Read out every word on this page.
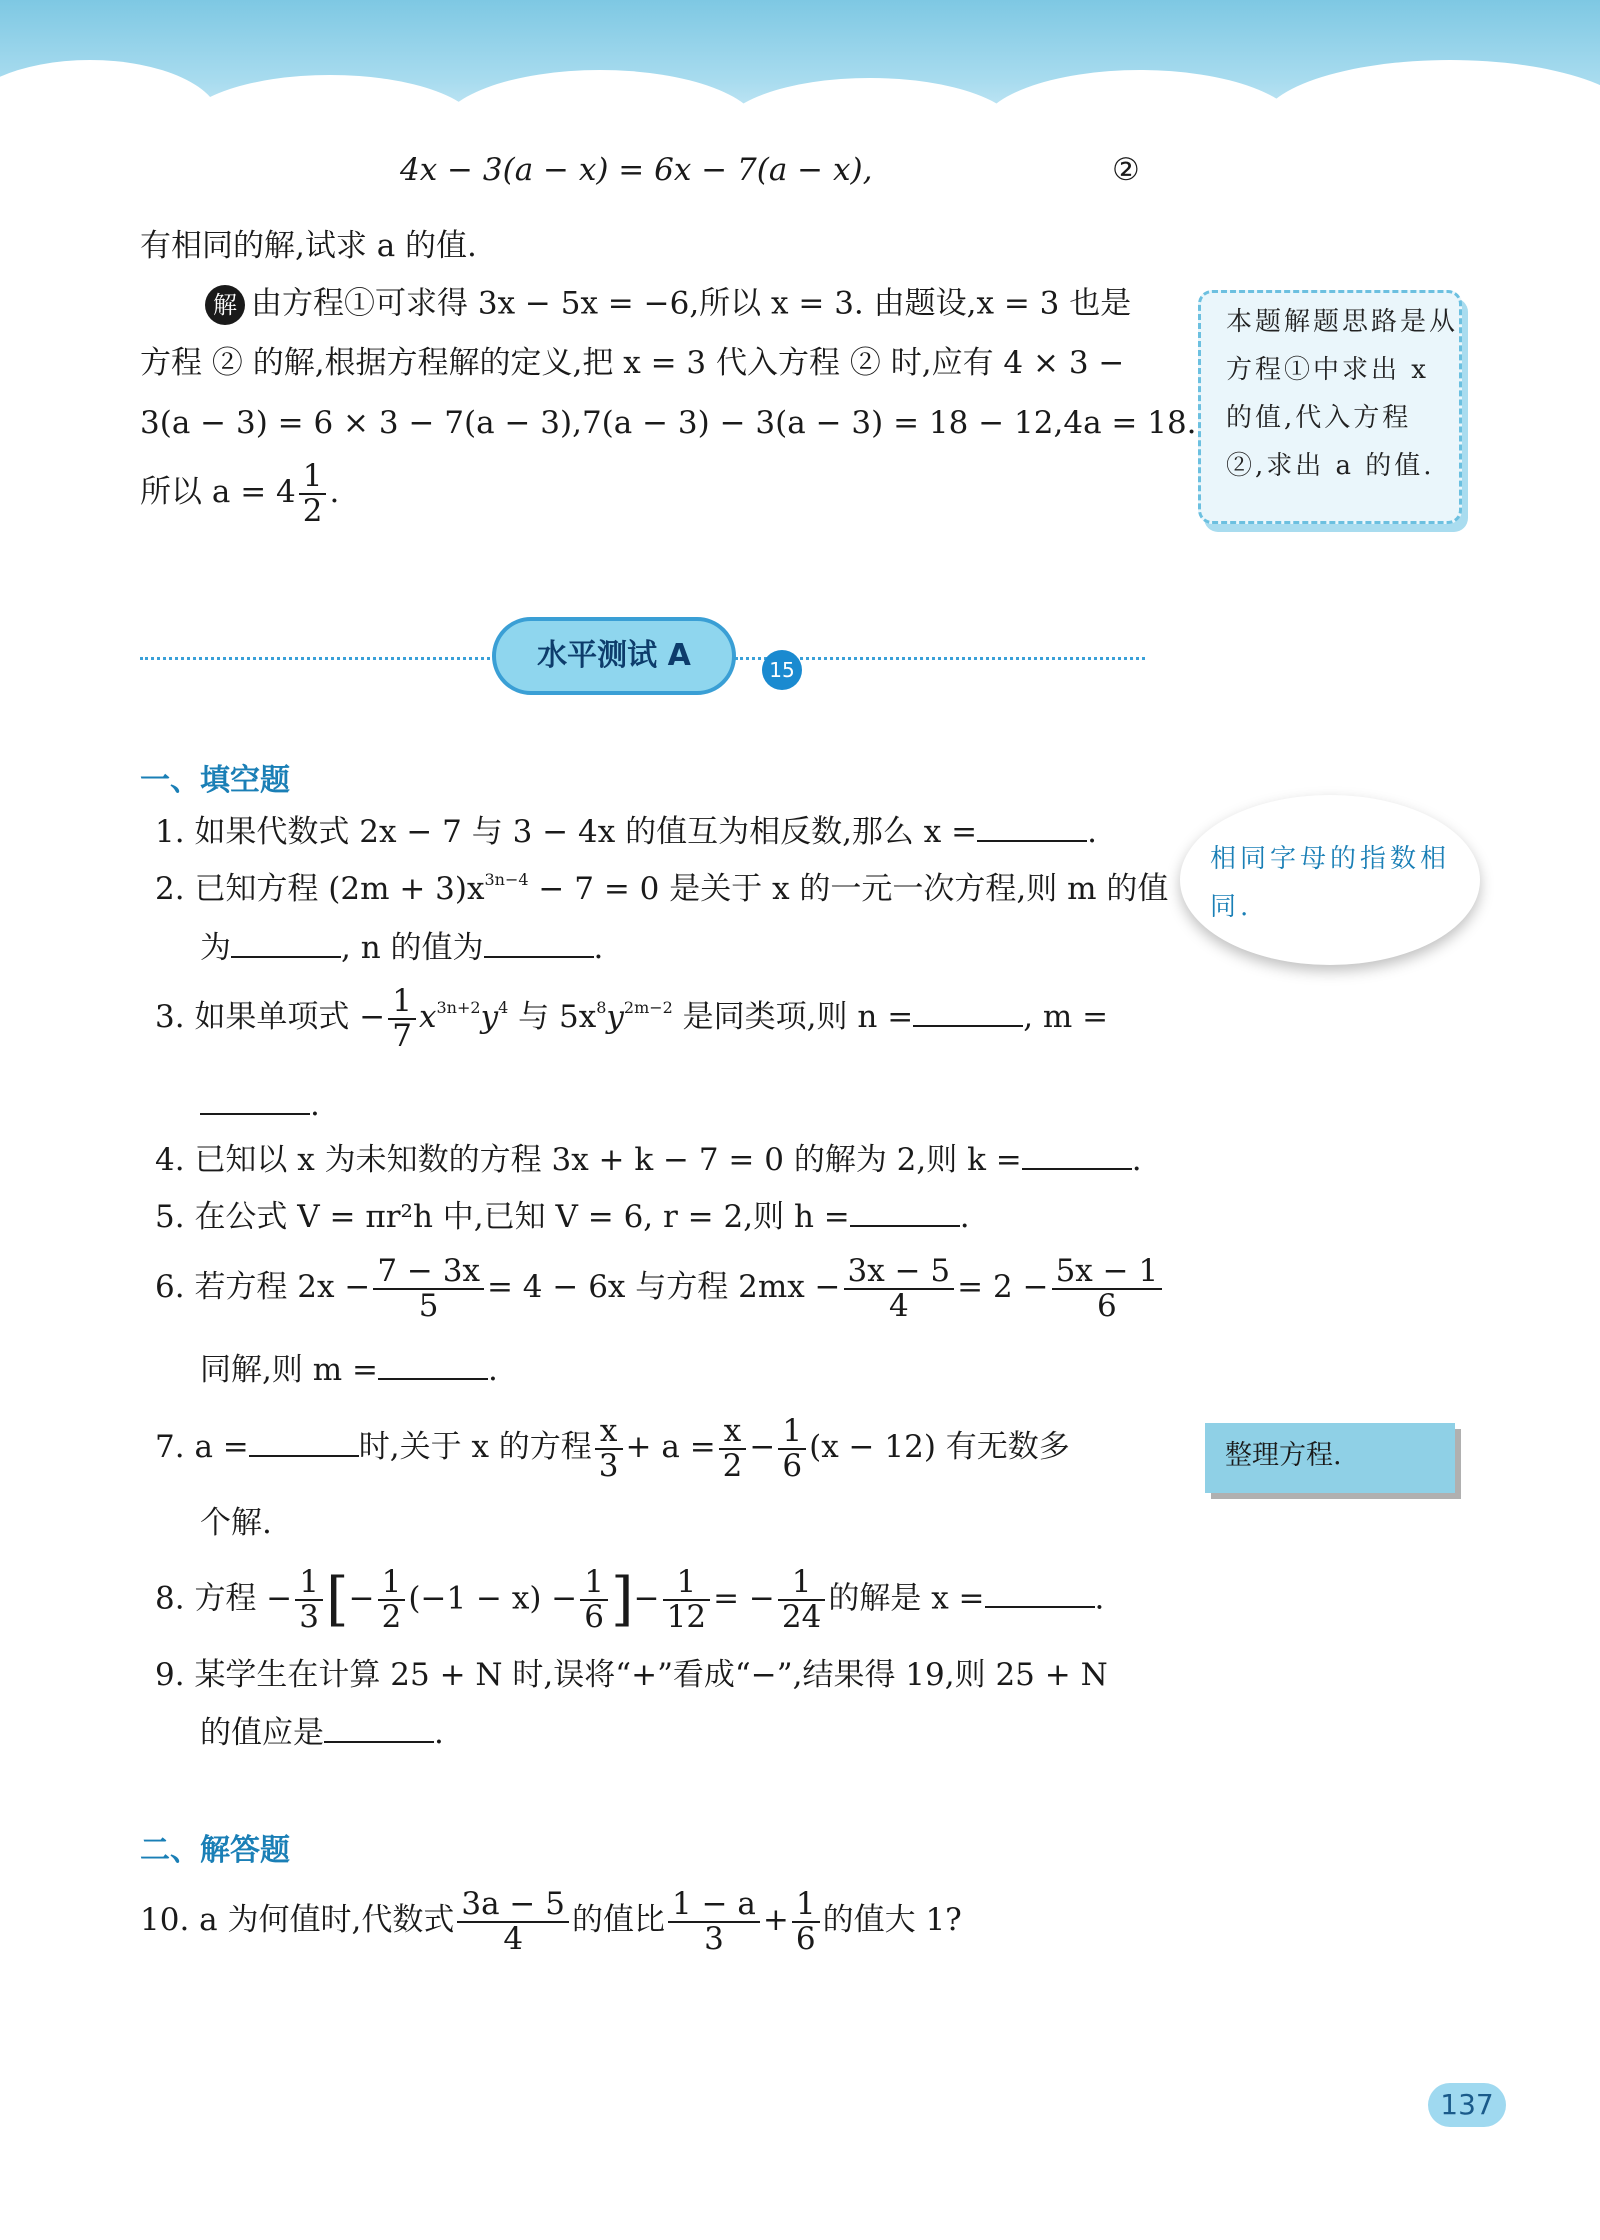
4x − 3(a − x) = 6x − 7(a − x),	②
有相同的解,试求 a 的值.
解 由方程①可求得 3x − 5x = −6,所以 x = 3. 由题设,x = 3 也是
方程 ② 的解,根据方程解的定义,把 x = 3 代入方程 ② 时,应有 4 × 3 −
3(a − 3) = 6 × 3 − 7(a − 3),7(a − 3) − 3(a − 3) = 18 − 12,4a = 18.
所以 $a = 4 \frac{1}{2}$ .
本题解题思路是从方程①中求出 x 的值,代入方程 ②,求出 a 的值.
水平测试 A	15
一、填空题
1. 如果代数式 2x − 7 与 3 − 4x 的值互为相反数,那么 x =	.
2. 已知方程 $(2m + 3)x^{3n-4} - 7 = 0$ 是关于 x 的一元一次方程,则 m 的值
为	, n 的值为	.
3. 如果单项式 − $\frac{1}{7} x^{3n+2}y^4$ 与 $5x^8y^{2m-2}$ 是同类项,则 n =	, m =
.
4. 已知以 x 为未知数的方程 3x + k − 7 = 0 的解为 2,则 k =	.
5. 在公式 V = πr²h 中,已知 V = 6, r = 2,则 h =	.
6. 若方程 $2x - \frac{7 - 3x}{5} = 4 - 6x$ 与方程 $2mx - \frac{3x - 5}{4} = 2 - \frac{5x - 1}{6}$
同解,则 m =	.
7. a =	时,关于 x 的方程 $\frac{x}{3} + a = \frac{x}{2} - \frac{1}{6} (x - 12)$ 有无数多
个解.
8. 方程 − $\frac{1}{3}$ [− $\frac{1}{2} (-1 - x) - \frac{1}{6}$ ]− $\frac{1}{12}$ = − $\frac{1}{24}$ 的解是 x =	.
9. 某学生在计算 25 + N 时,误将“+”看成“−”,结果得 19,则 25 + N
的值应是	.
二、解答题
10. a 为何值时,代数式 $\frac{3a - 5}{4}$ 的值比 $\frac{1 - a}{3} + \frac{1}{6}$ 的值大 1?
相同字母的指数相同.
整理方程.
137
